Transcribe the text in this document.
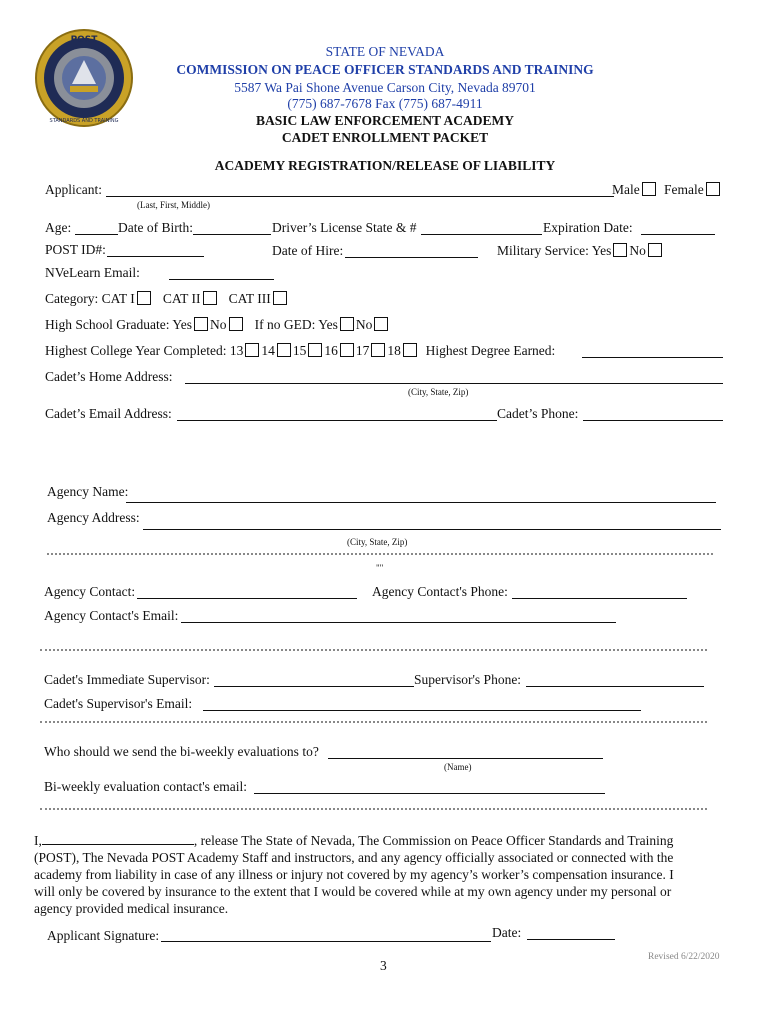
POST
STANDARDS AND TRAINING
STATE OF NEVADA
COMMISSION ON PEACE OFFICER STANDARDS AND TRAINING
5587 Wa Pai Shone Avenue Carson City, Nevada 89701
(775) 687-7678 Fax (775) 687-4911
BASIC LAW ENFORCEMENT ACADEMY
CADET ENROLLMENT PACKET
ACADEMY REGISTRATION/RELEASE OF LIABILITY
Applicant:	Male	Female
(Last, First, Middle)
Age:	Date of Birth:	Driver’s License State & #	Expiration Date:
POST ID#:	Date of Hire:	Military Service: Yes No
NVeLearn Email:
Category: CAT I CAT II CAT III
High School Graduate: Yes No If no GED: Yes No
Highest College Year Completed: 13 14 15 16 17 18 Highest Degree Earned:
Cadet’s Home Address:
(City, State, Zip)
Cadet’s Email Address:	Cadet’s Phone:
Agency Name:
Agency Address:
(City, State, Zip)
""
Agency Contact:	Agency Contact's Phone:
Agency Contact's Email:
Cadet's Immediate Supervisor:	Supervisor's Phone:
Cadet's Supervisor's Email:
Who should we send the bi-weekly evaluations to?
(Name)
Bi-weekly evaluation contact's email:
I,	, release The State of Nevada, The Commission on Peace Officer Standards and Training
(POST), The Nevada POST Academy Staff and instructors, and any agency officially associated or connected with the
academy from liability in case of any illness or injury not covered by my agency’s worker’s compensation insurance. I
will only be covered by insurance to the extent that I would be covered while at my own agency under my personal or
agency provided medical insurance.
Applicant Signature:	Date:
Revised 6/22/2020
3
